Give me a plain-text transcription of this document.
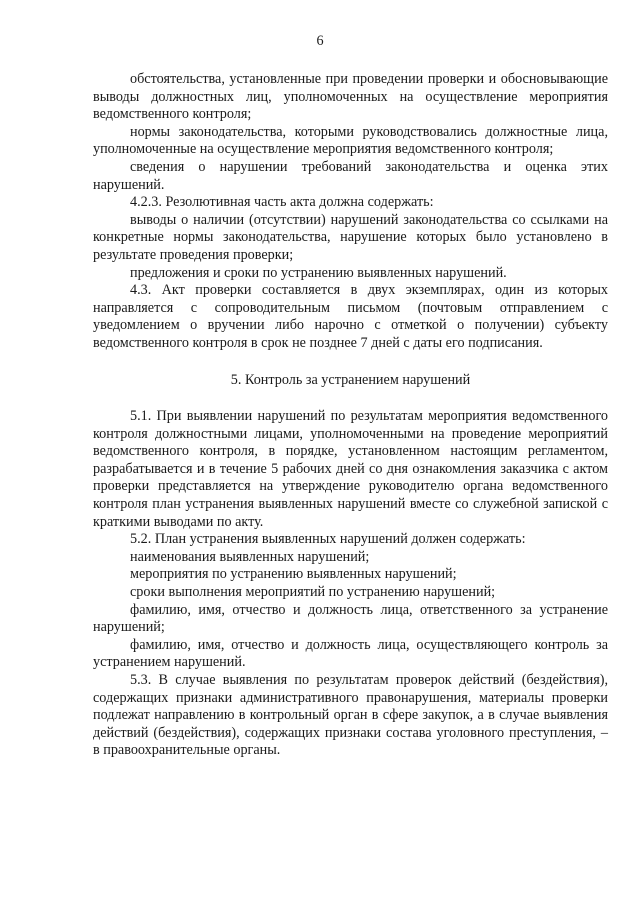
6

обстоятельства, установленные при проведении проверки и обосновывающие выводы должностных лиц, уполномоченных на осуществление мероприятия ведомственного контроля;

нормы законодательства, которыми руководствовались должностные лица, уполномоченные на осуществление мероприятия ведомственного контроля;

сведения о нарушении требований законодательства и оценка этих нарушений.

4.2.3. Резолютивная часть акта должна содержать:

выводы о наличии (отсутствии) нарушений законодательства со ссылками на конкретные нормы законодательства, нарушение которых было установлено в результате проведения проверки;

предложения и сроки по устранению выявленных нарушений.

4.3. Акт проверки составляется в двух экземплярах, один из которых направляется с сопроводительным письмом (почтовым отправлением с уведомлением о вручении либо нарочно с отметкой о получении) субъекту ведомственного контроля в срок не позднее 7 дней с даты его подписания.

5. Контроль за устранением нарушений

5.1. При выявлении нарушений по результатам мероприятия ведомственного контроля должностными лицами, уполномоченными на проведение мероприятий ведомственного контроля, в порядке, установленном настоящим регламентом, разрабатывается и в течение 5 рабочих дней со дня ознакомления заказчика с актом проверки представляется на утверждение руководителю органа ведомственного контроля план устранения выявленных нарушений вместе со служебной запиской с краткими выводами по акту.

5.2. План устранения выявленных нарушений должен содержать:

наименования выявленных нарушений;

мероприятия по устранению выявленных нарушений;

сроки выполнения мероприятий по устранению нарушений;

фамилию, имя, отчество и должность лица, ответственного за устранение нарушений;

фамилию, имя, отчество и должность лица, осуществляющего контроль за устранением нарушений.

5.3. В случае выявления по результатам проверок действий (бездействия), содержащих признаки административного правонарушения, материалы проверки подлежат направлению в контрольный орган в сфере закупок, а в случае выявления действий (бездействия), содержащих признаки состава уголовного преступления, – в правоохранительные органы.
